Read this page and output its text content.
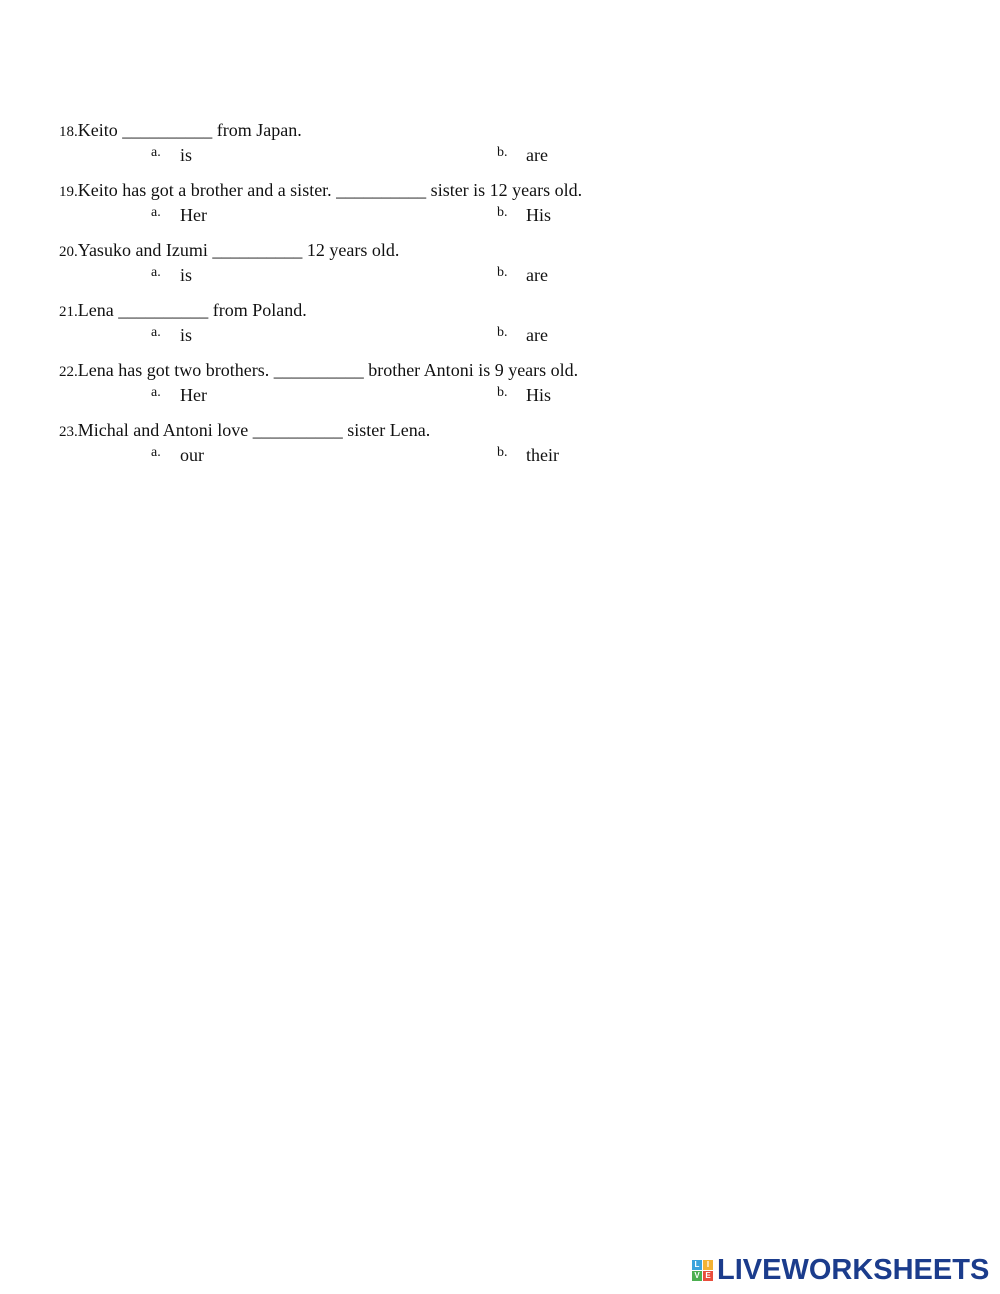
18.Keito __________ from Japan.
a. is	b. are
19.Keito has got a brother and a sister. __________ sister is 12 years old.
a. Her	b. His
20.Yasuko and Izumi __________ 12 years old.
a. is	b. are
21.Lena __________ from Poland.
a. is	b. are
22.Lena has got two brothers. __________ brother Antoni is 9 years old.
a. Her	b. His
23.Michal and Antoni love __________ sister Lena.
a. our	b. their
L I
V E LIVEWORKSHEETS
